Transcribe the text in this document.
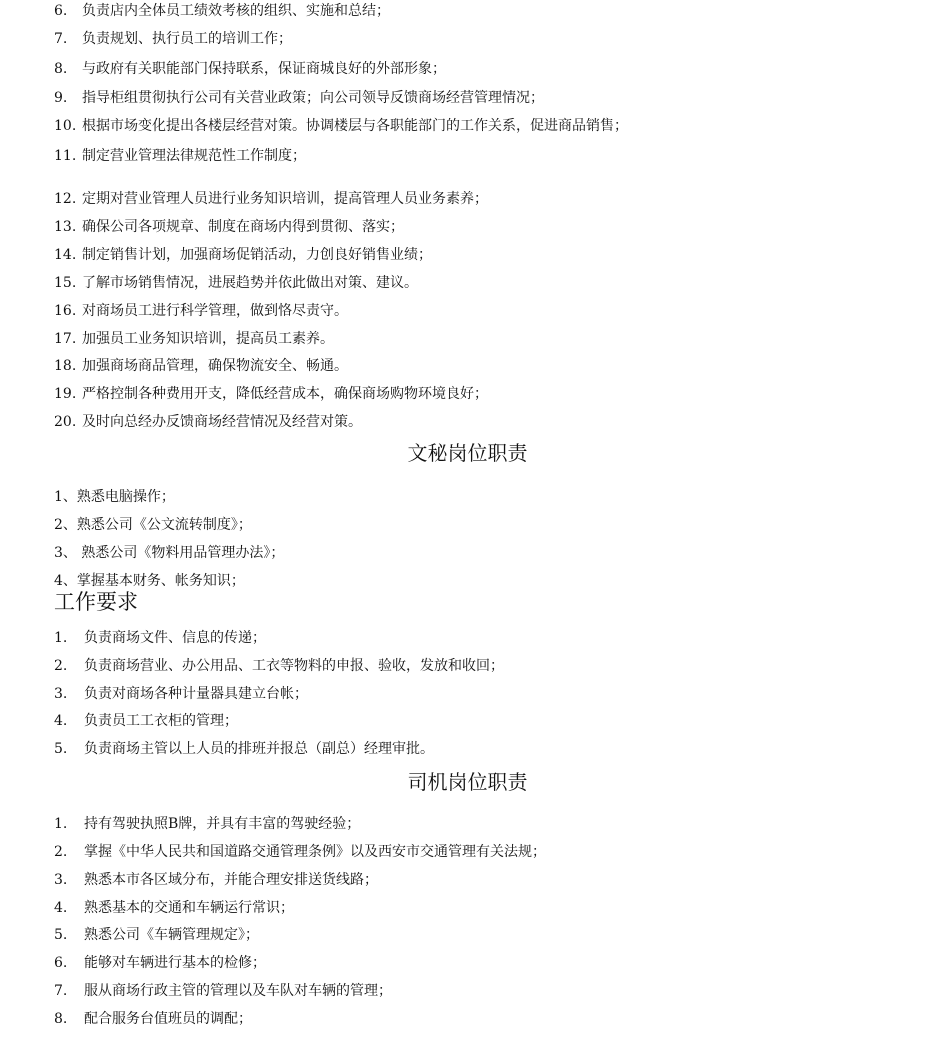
6.	负责店内全体员工绩效考核的组织、实施和总结；
7.	负责规划、执行员工的培训工作；
8.	与政府有关职能部门保持联系，保证商城良好的外部形象；
9.	指导柜组贯彻执行公司有关营业政策；向公司领导反馈商场经营管理情况；
10. 根据市场变化提出各楼层经营对策。协调楼层与各职能部门的工作关系，促进商品销售；
11. 制定营业管理法律规范性工作制度；
12. 定期对营业管理人员进行业务知识培训，提高管理人员业务素养；
13. 确保公司各项规章、制度在商场内得到贯彻、落实；
14. 制定销售计划，加强商场促销活动，力创良好销售业绩；
15. 了解市场销售情况，进展趋势并依此做出对策、建议。
16. 对商场员工进行科学管理，做到恪尽责守。
17. 加强员工业务知识培训，提高员工素养。
18. 加强商场商品管理，确保物流安全、畅通。
19. 严格控制各种费用开支，降低经营成本，确保商场购物环境良好；
20. 及时向总经办反馈商场经营情况及经营对策。
文秘岗位职责
1、熟悉电脑操作；
2、熟悉公司《公文流转制度》；
3、 熟悉公司《物料用品管理办法》；
4、掌握基本财务、帐务知识；
工作要求
1.	负责商场文件、信息的传递；
2.	负责商场营业、办公用品、工衣等物料的申报、验收，发放和收回；
3.	负责对商场各种计量器具建立台帐；
4.	负责员工工衣柜的管理；
5.	负责商场主管以上人员的排班并报总（副总）经理审批。
司机岗位职责
1.	持有驾驶执照B牌，并具有丰富的驾驶经验；
2.	掌握《中华人民共和国道路交通管理条例》以及西安市交通管理有关法规；
3.	熟悉本市各区域分布，并能合理安排送货线路；
4.	熟悉基本的交通和车辆运行常识；
5.	熟悉公司《车辆管理规定》；
6.	能够对车辆进行基本的检修；
7.	服从商场行政主管的管理以及车队对车辆的管理；
8.	配合服务台值班员的调配；
